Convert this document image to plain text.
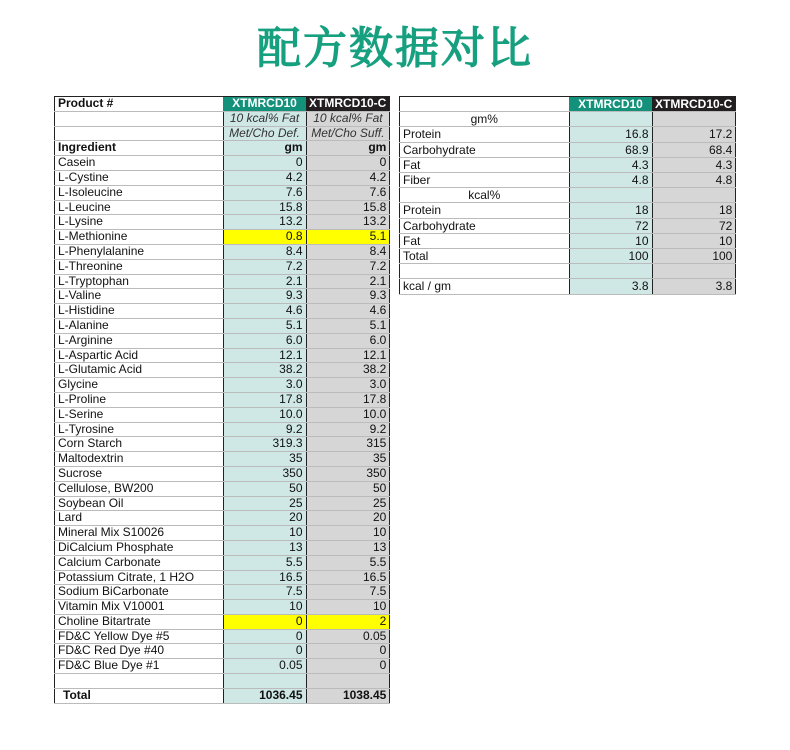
配方数据对比
Product #	XTMRCD10	XTMRCD10-C
	10 kcal% Fat	10 kcal% Fat
	Met/Cho Def.	Met/Cho Suff.
Ingredient	gm	gm
Casein	0	0
L-Cystine	4.2	4.2
L-Isoleucine	7.6	7.6
L-Leucine	15.8	15.8
L-Lysine	13.2	13.2
L-Methionine	0.8	5.1
L-Phenylalanine	8.4	8.4
L-Threonine	7.2	7.2
L-Tryptophan	2.1	2.1
L-Valine	9.3	9.3
L-Histidine	4.6	4.6
L-Alanine	5.1	5.1
L-Arginine	6.0	6.0
L-Aspartic Acid	12.1	12.1
L-Glutamic Acid	38.2	38.2
Glycine	3.0	3.0
L-Proline	17.8	17.8
L-Serine	10.0	10.0
L-Tyrosine	9.2	9.2
Corn Starch	319.3	315
Maltodextrin	35	35
Sucrose	350	350
Cellulose, BW200	50	50
Soybean Oil	25	25
Lard	20	20
Mineral Mix S10026	10	10
DiCalcium Phosphate	13	13
Calcium Carbonate	5.5	5.5
Potassium Citrate, 1 H2O	16.5	16.5
Sodium BiCarbonate	7.5	7.5
Vitamin Mix V10001	10	10
Choline Bitartrate	0	2
FD&C Yellow Dye #5	0	0.05
FD&C Red Dye #40	0	0
FD&C Blue Dye #1	0.05	0

Total	1036.45	1038.45
	XTMRCD10	XTMRCD10-C
gm%		
Protein	16.8	17.2
Carbohydrate	68.9	68.4
Fat	4.3	4.3
Fiber	4.8	4.8
kcal%		
Protein	18	18
Carbohydrate	72	72
Fat	10	10
Total	100	100

kcal / gm	3.8	3.8
